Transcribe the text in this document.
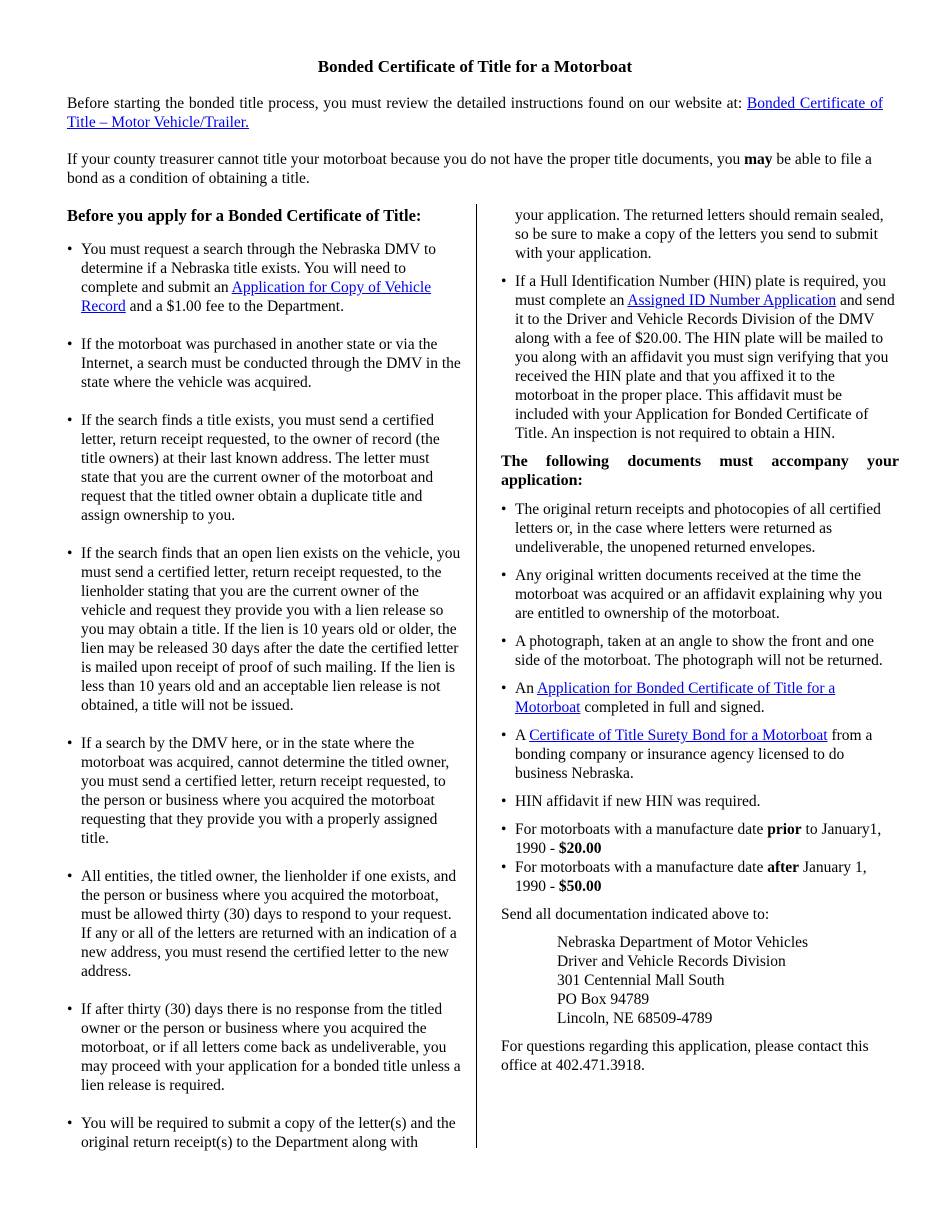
Bonded Certificate of Title for a Motorboat
Before starting the bonded title process, you must review the detailed instructions found on our website at: Bonded Certificate of Title – Motor Vehicle/Trailer.
If your county treasurer cannot title your motorboat because you do not have the proper title documents, you may be able to file a bond as a condition of obtaining a title.
Before you apply for a Bonded Certificate of Title:
• You must request a search through the Nebraska DMV to determine if a Nebraska title exists. You will need to complete and submit an Application for Copy of Vehicle Record and a $1.00 fee to the Department.
• If the motorboat was purchased in another state or via the Internet, a search must be conducted through the DMV in the state where the vehicle was acquired.
• If the search finds a title exists, you must send a certified letter, return receipt requested, to the owner of record (the title owners) at their last known address. The letter must state that you are the current owner of the motorboat and request that the titled owner obtain a duplicate title and assign ownership to you.
• If the search finds that an open lien exists on the vehicle, you must send a certified letter, return receipt requested, to the lienholder stating that you are the current owner of the vehicle and request they provide you with a lien release so you may obtain a title. If the lien is 10 years old or older, the lien may be released 30 days after the date the certified letter is mailed upon receipt of proof of such mailing. If the lien is less than 10 years old and an acceptable lien release is not obtained, a title will not be issued.
• If a search by the DMV here, or in the state where the motorboat was acquired, cannot determine the titled owner, you must send a certified letter, return receipt requested, to the person or business where you acquired the motorboat requesting that they provide you with a properly assigned title.
• All entities, the titled owner, the lienholder if one exists, and the person or business where you acquired the motorboat, must be allowed thirty (30) days to respond to your request. If any or all of the letters are returned with an indication of a new address, you must resend the certified letter to the new address.
• If after thirty (30) days there is no response from the titled owner or the person or business where you acquired the motorboat, or if all letters come back as undeliverable, you may proceed with your application for a bonded title unless a lien release is required.
• You will be required to submit a copy of the letter(s) and the original return receipt(s) to the Department along with
your application. The returned letters should remain sealed, so be sure to make a copy of the letters you send to submit with your application.
• If a Hull Identification Number (HIN) plate is required, you must complete an Assigned ID Number Application and send it to the Driver and Vehicle Records Division of the DMV along with a fee of $20.00. The HIN plate will be mailed to you along with an affidavit you must sign verifying that you received the HIN plate and that you affixed it to the motorboat in the proper place. This affidavit must be included with your Application for Bonded Certificate of Title. An inspection is not required to obtain a HIN.
The following documents must accompany your application:
• The original return receipts and photocopies of all certified letters or, in the case where letters were returned as undeliverable, the unopened returned envelopes.
• Any original written documents received at the time the motorboat was acquired or an affidavit explaining why you are entitled to ownership of the motorboat.
• A photograph, taken at an angle to show the front and one side of the motorboat. The photograph will not be returned.
• An Application for Bonded Certificate of Title for a Motorboat completed in full and signed.
• A Certificate of Title Surety Bond for a Motorboat from a bonding company or insurance agency licensed to do business Nebraska.
• HIN affidavit if new HIN was required.
• For motorboats with a manufacture date prior to January1, 1990 - $20.00
• For motorboats with a manufacture date after January 1, 1990 - $50.00
Send all documentation indicated above to:
Nebraska Department of Motor Vehicles
Driver and Vehicle Records Division
301 Centennial Mall South
PO Box 94789
Lincoln, NE 68509-4789
For questions regarding this application, please contact this office at 402.471.3918.
